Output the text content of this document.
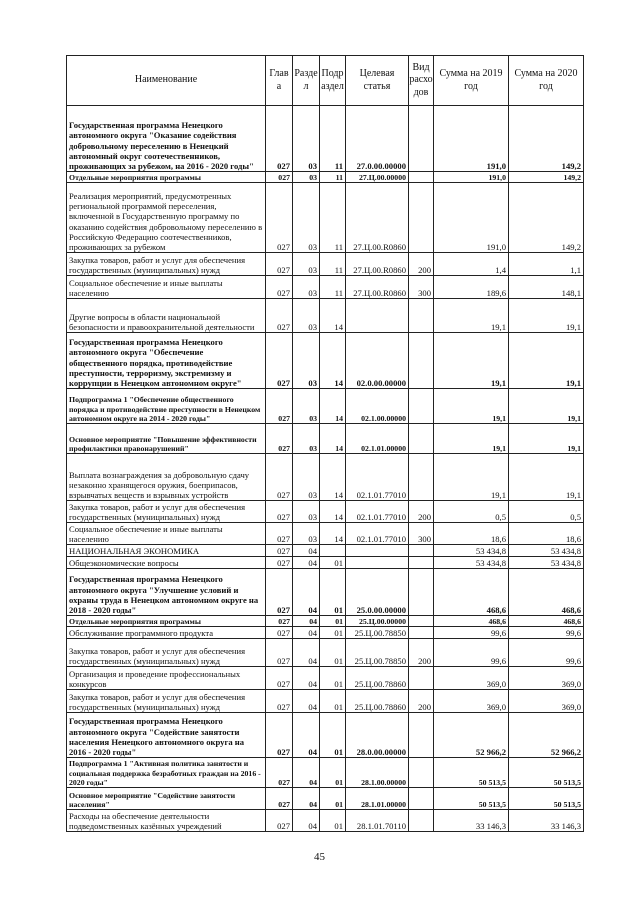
Наименование	Глав а	Разде л	Подр аздел	Целевая статья	Вид расхо дов	Сумма на 2019 год	Сумма на 2020 год
Государственная программа Ненецкого автономного округа "Оказание содействия добровольному переселению в Ненецкий автономный округ соотечественников, проживающих за рубежом, на 2016 - 2020 годы"	027	03	11	27.0.00.00000		191,0	149,2
Отдельные мероприятия программы	027	03	11	27.Ц.00.00000		191,0	149,2
Реализация мероприятий, предусмотренных региональной программой переселения, включенной в Государственную программу по оказанию содействия добровольному переселению в Российскую Федерацию соотечественников, проживающих за рубежом	027	03	11	27.Ц.00.R0860		191,0	149,2
Закупка товаров, работ и услуг для обеспечения государственных (муниципальных) нужд	027	03	11	27.Ц.00.R0860	200	1,4	1,1
Социальное обеспечение и иные выплаты населению	027	03	11	27.Ц.00.R0860	300	189,6	148,1
Другие вопросы в области национальной безопасности и правоохранительной деятельности	027	03	14			19,1	19,1
Государственная программа Ненецкого автономного округа "Обеспечение общественного порядка, противодействие преступности, терроризму, экстремизму и коррупции в Ненецком автономном округе"	027	03	14	02.0.00.00000		19,1	19,1
Подпрограмма 1 "Обеспечение общественного порядка и противодействие преступности в Ненецком автономном округе на 2014 - 2020 годы"	027	03	14	02.1.00.00000		19,1	19,1
Основное мероприятие "Повышение эффективности профилактики правонарушений"	027	03	14	02.1.01.00000		19,1	19,1
Выплата вознаграждения за добровольную сдачу незаконно хранящегося оружия, боеприпасов, взрывчатых веществ и взрывных устройств	027	03	14	02.1.01.77010		19,1	19,1
Закупка товаров, работ и услуг для обеспечения государственных (муниципальных) нужд	027	03	14	02.1.01.77010	200	0,5	0,5
Социальное обеспечение и иные выплаты населению	027	03	14	02.1.01.77010	300	18,6	18,6
НАЦИОНАЛЬНАЯ ЭКОНОМИКА	027	04				53 434,8	53 434,8
Общеэкономические вопросы	027	04	01			53 434,8	53 434,8
Государственная программа Ненецкого автономного округа "Улучшение условий и охраны труда в Ненецком автономном округе на 2018 - 2020 годы"	027	04	01	25.0.00.00000		468,6	468,6
Отдельные мероприятия программы	027	04	01	25.Ц.00.00000		468,6	468,6
Обслуживание программного продукта	027	04	01	25.Ц.00.78850		99,6	99,6
Закупка товаров, работ и услуг для обеспечения государственных (муниципальных) нужд	027	04	01	25.Ц.00.78850	200	99,6	99,6
Организация и проведение профессиональных конкурсов	027	04	01	25.Ц.00.78860		369,0	369,0
Закупка товаров, работ и услуг для обеспечения государственных (муниципальных) нужд	027	04	01	25.Ц.00.78860	200	369,0	369,0
Государственная программа Ненецкого автономного округа "Содействие занятости населения Ненецкого автономного округа на 2016 - 2020 годы"	027	04	01	28.0.00.00000		52 966,2	52 966,2
Подпрограмма 1 "Активная политика занятости и социальная поддержка безработных граждан на 2016 - 2020 годы"	027	04	01	28.1.00.00000		50 513,5	50 513,5
Основное мероприятие "Содействие занятости населения"	027	04	01	28.1.01.00000		50 513,5	50 513,5
Расходы на обеспечение деятельности подведомственных казённых учреждений	027	04	01	28.1.01.70110		33 146,3	33 146,3
45
